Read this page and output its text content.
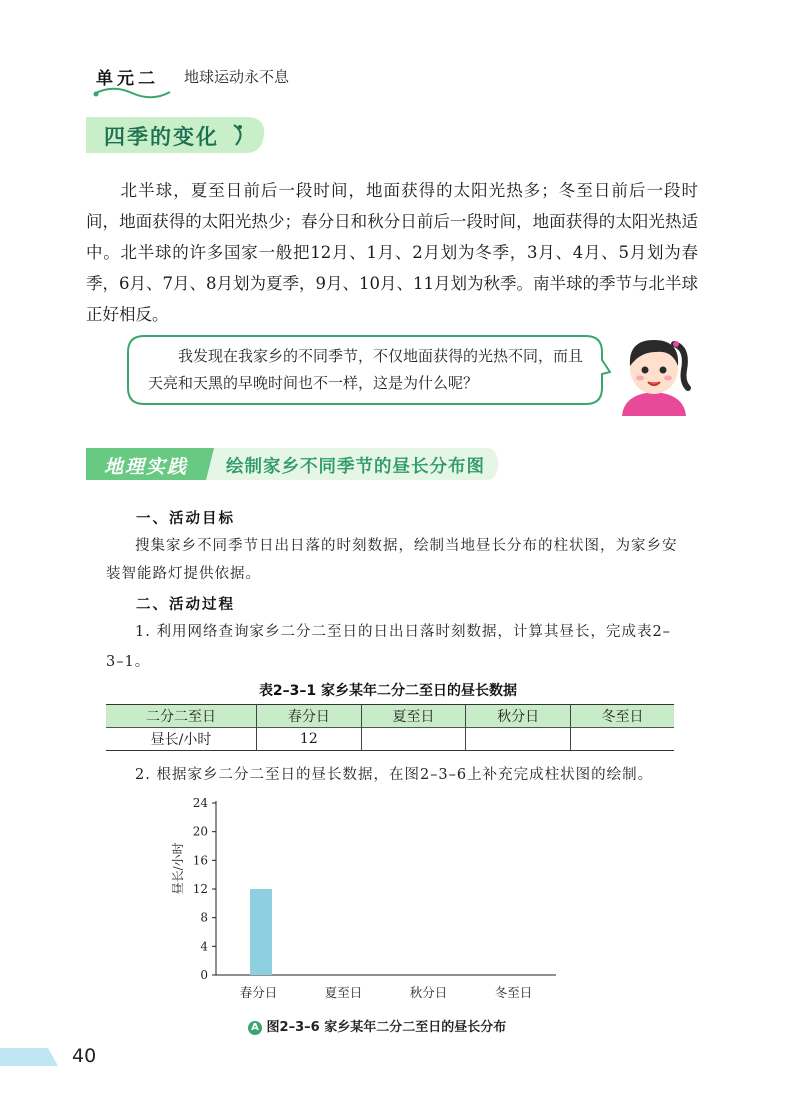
单元二 地球运动永不息
四季的变化
北半球，夏至日前后一段时间，地面获得的太阳光热多；冬至日前后一段时间，地面获得的太阳光热少；春分日和秋分日前后一段时间，地面获得的太阳光热适中。北半球的许多国家一般把12月、1月、2月划为冬季，3月、4月、5月划为春季，6月、7月、8月划为夏季，9月、10月、11月划为秋季。南半球的季节与北半球正好相反。
我发现在我家乡的不同季节，不仅地面获得的光热不同，而且天亮和天黑的早晚时间也不一样，这是为什么呢？
地理实践 绘制家乡不同季节的昼长分布图
一、活动目标
搜集家乡不同季节日出日落的时刻数据，绘制当地昼长分布的柱状图，为家乡安装智能路灯提供依据。
二、活动过程
1. 利用网络查询家乡二分二至日的日出日落时刻数据，计算其昼长，完成表2–3–1。
表2–3–1 家乡某年二分二至日的昼长数据
二分二至日	春分日	夏至日	秋分日	冬至日
昼长/小时	12			
2. 根据家乡二分二至日的昼长数据，在图2–3–6上补充完成柱状图的绘制。
0
4
8
12
16
20
24
昼长/小时
春分日	夏至日	秋分日	冬至日
A 图2–3–6 家乡某年二分二至日的昼长分布
40
